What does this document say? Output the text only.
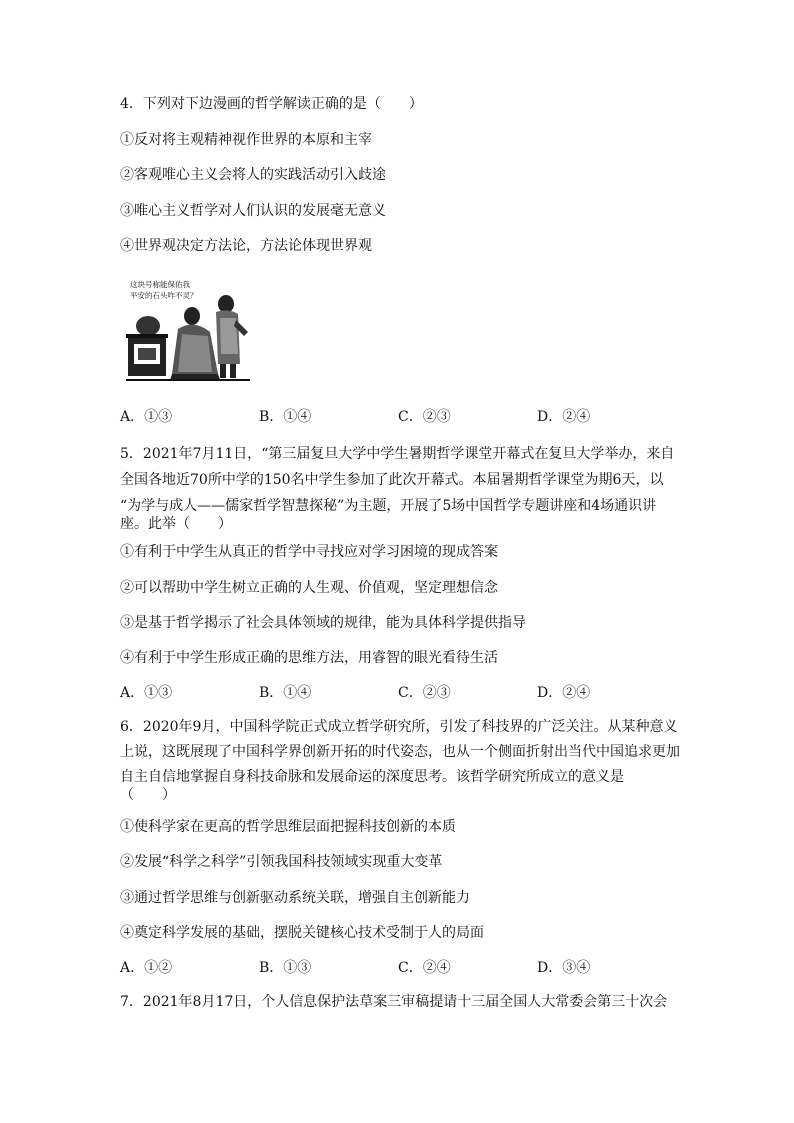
4．下列对下边漫画的哲学解读正确的是（　　）
①反对将主观精神视作世界的本原和主宰
②客观唯心主义会将人的实践活动引入歧途
③唯心主义哲学对人们认识的发展毫无意义
④世界观决定方法论，方法论体现世界观
这块号称能保佑我
平安的石头咋不灵？
A．①③	B．①④	C．②③	D．②④
5．2021年7月11日，“第三届复旦大学中学生暑期哲学课堂开幕式在复旦大学举办，来自
全国各地近70所中学的150名中学生参加了此次开幕式。本届暑期哲学课堂为期6天，以
“为学与成人——儒家哲学智慧探秘”为主题，开展了5场中国哲学专题讲座和4场通识讲
座。此举（　　）
①有利于中学生从真正的哲学中寻找应对学习困境的现成答案
②可以帮助中学生树立正确的人生观、价值观，坚定理想信念
③是基于哲学揭示了社会具体领域的规律，能为具体科学提供指导
④有利于中学生形成正确的思维方法，用睿智的眼光看待生活
A．①③	B．①④	C．②③	D．②④
6．2020年9月，中国科学院正式成立哲学研究所，引发了科技界的广泛关注。从某种意义
上说，这既展现了中国科学界创新开拓的时代姿态，也从一个侧面折射出当代中国追求更加
自主自信地掌握自身科技命脉和发展命运的深度思考。该哲学研究所成立的意义是
（　　）
①使科学家在更高的哲学思维层面把握科技创新的本质
②发展“科学之科学”引领我国科技领域实现重大变革
③通过哲学思维与创新驱动系统关联，增强自主创新能力
④奠定科学发展的基础，摆脱关键核心技术受制于人的局面
A．①②	B．①③	C．②④	D．③④
7．2021年8月17日，个人信息保护法草案三审稿提请十三届全国人大常委会第三十次会
